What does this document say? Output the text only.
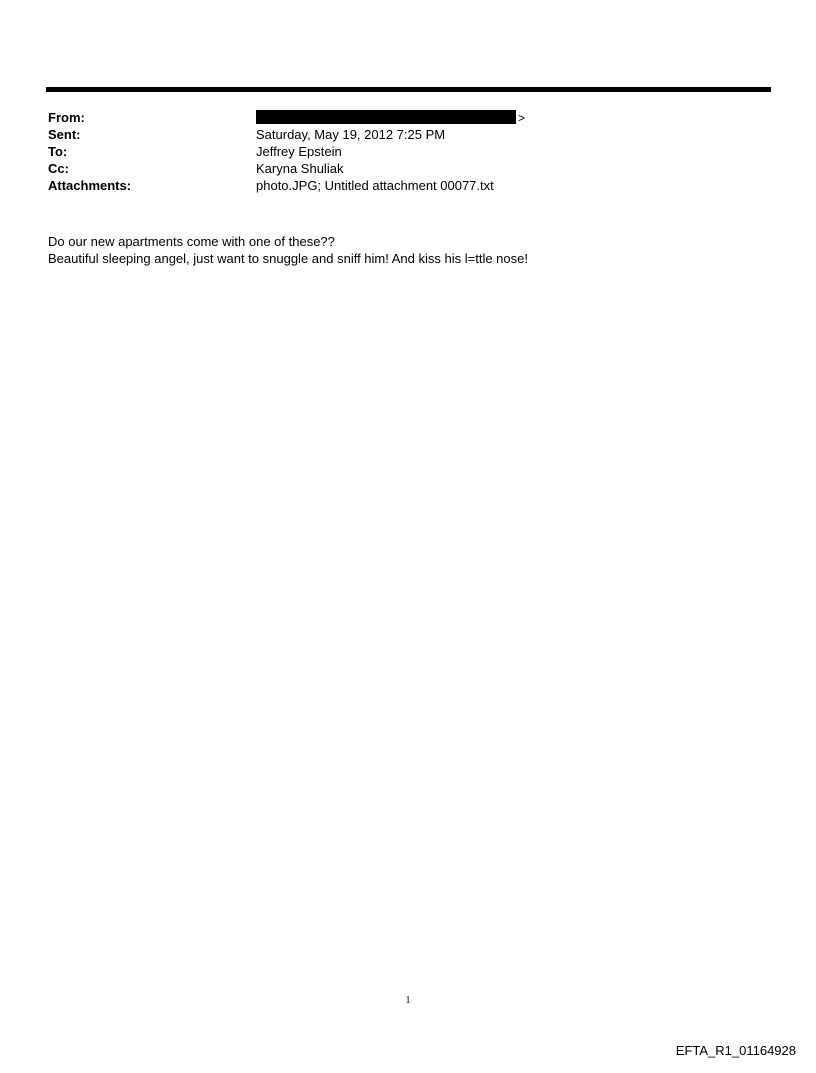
From:	>
Sent:	Saturday, May 19, 2012 7:25 PM
To:	Jeffrey Epstein
Cc:	Karyna Shuliak
Attachments:	photo.JPG; Untitled attachment 00077.txt
Do our new apartments come with one of these??
Beautiful sleeping angel, just want to snuggle and sniff him! And kiss his l=ttle nose!
1
EFTA_R1_01164928
